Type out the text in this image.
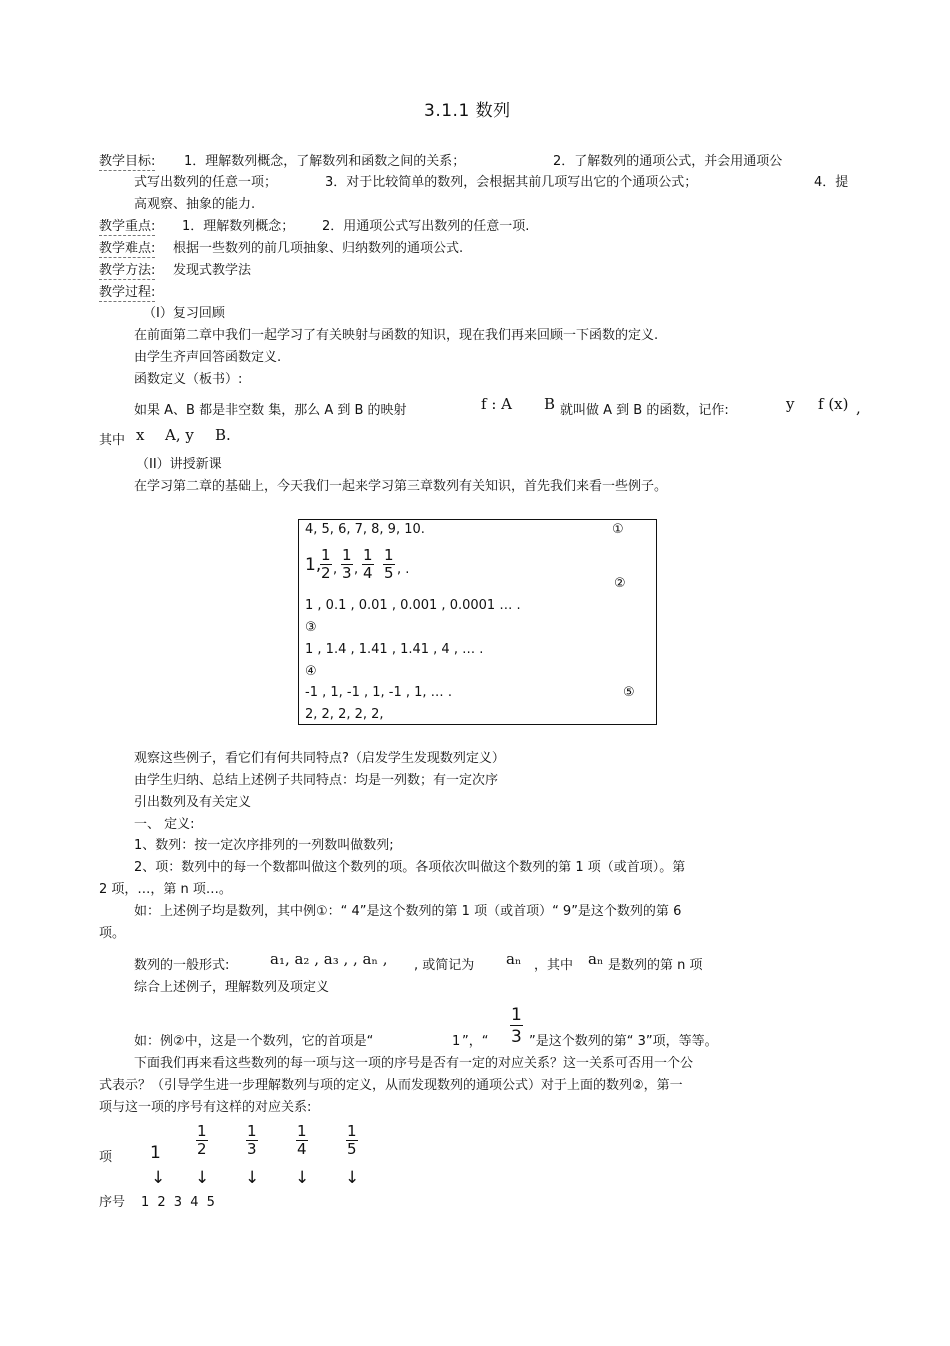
3.1.1 数列
教学目标: 1．理解数列概念，了解数列和函数之间的关系；	2．了解数列的通项公式，并会用通项公
式写出数列的任意一项；	3．对于比较简单的数列，会根据其前几项写出它的个通项公式；	4．提
高观察、抽象的能力.
教学重点: 1．理解数列概念； 2．用通项公式写出数列的任意一项.
教学难点: 根据一些数列的前几项抽象、归纳数列的通项公式.
教学方法: 发现式教学法
教学过程:
（I）复习回顾
在前面第二章中我们一起学习了有关映射与函数的知识，现在我们再来回顾一下函数的定义.
由学生齐声回答函数定义.
函数定义（板书）:
如果 A、B 都是非空数 集，那么 A 到 B 的映射	f : A B 就叫做 A 到 B 的函数，记作:	y f (x) ,
其中 x A, y B.
（II）讲授新课
在学习第二章的基础上，今天我们一起来学习第三章数列有关知识，首先我们来看一些例子。
4, 5, 6, 7, 8, 9, 10.	①
1,
$\frac{1}{2}$ , $\frac{1}{3}$ , $\frac{1}{4} \frac{1}{5}$ , .
②
1 , 0.1 , 0.01 , 0.001 , 0.0001 … .
③
1 , 1.4 , 1.41 , 1.41 , 4 , … .
④
-1 , 1, -1 , 1, -1 , 1, … .	⑤
2, 2, 2, 2, 2,
观察这些例子，看它们有何共同特点?（启发学生发现数列定义）
由学生归纳、总结上述例子共同特点：均是一列数；有一定次序
引出数列及有关定义
一、 定义:
1、数列：按一定次序排列的一列数叫做数列;
2、项：数列中的每一个数都叫做这个数列的项。各项依次叫做这个数列的第 1 项（或首项）。第
2 项，…，第 n 项…。
如：上述例子均是数列，其中例①：“ 4”是这个数列的第 1 项（或首项）“ 9”是这个数列的第 6
项。
数列的一般形式:	a₁, a₂ , a₃ , , aₙ , , 或简记为 aₙ ，其中 aₙ 是数列的第 n 项
综合上述例子，理解数列及项定义
如：例②中，这是一个数列，它的首项是“	1 ”，“ $\frac{1}{3}$ ”是这个数列的第“ 3”项，等等。
下面我们再来看这些数列的每一项与这一项的序号是否有一定的对应关系？这一关系可否用一个公
式表示？（引导学生进一步理解数列与项的定义，从而发现数列的通项公式）对于上面的数列②，第一
项与这一项的序号有这样的对应关系:
项 $1 \frac{1}{2}$	$\frac{1}{3}$	$\frac{1}{4}$	$\frac{1}{5}$
↓ ↓ ↓ ↓ ↓
序号 1 2 3 4 5
